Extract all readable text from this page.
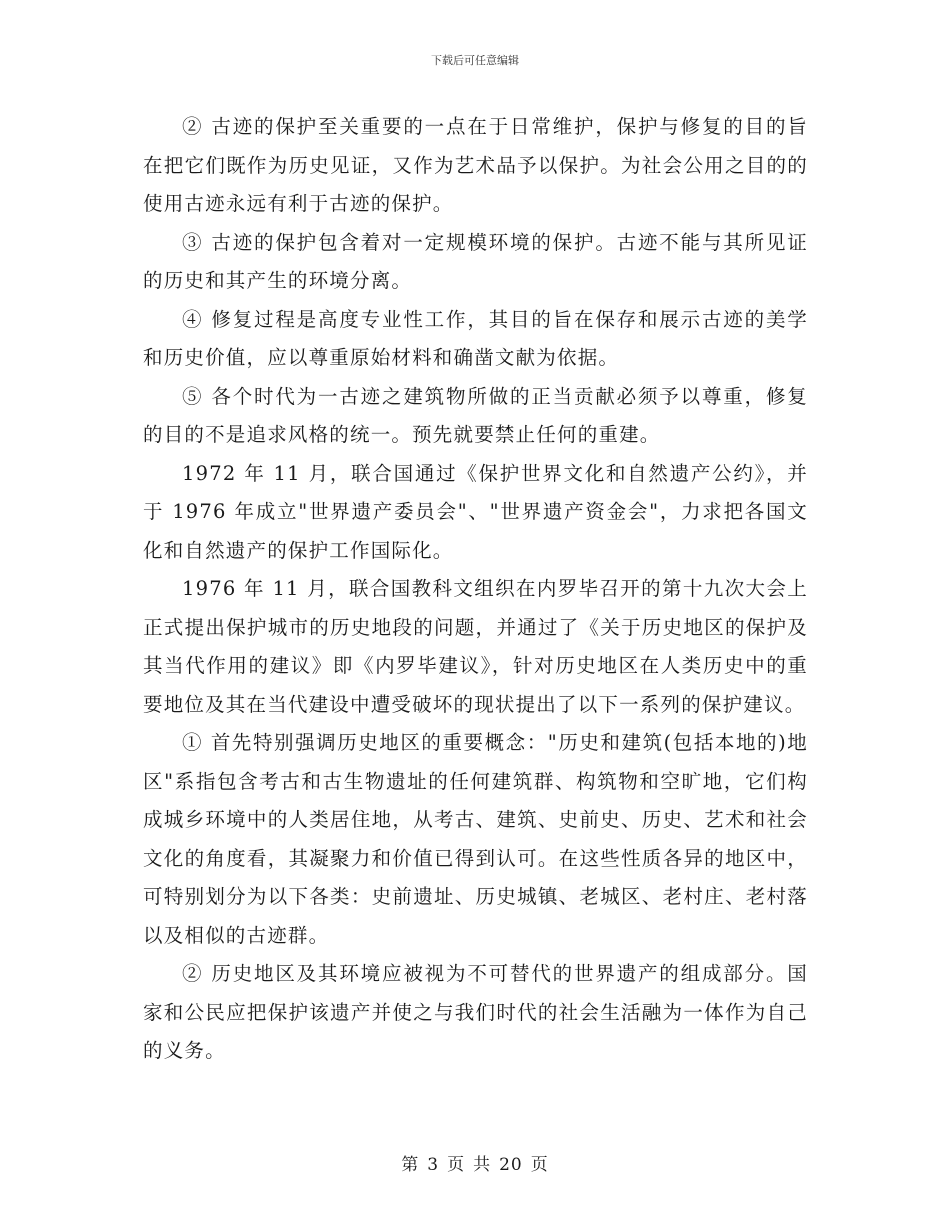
下载后可任意编辑

② 古迹的保护至关重要的一点在于日常维护，保护与修复的目的旨在把它们既作为历史见证，又作为艺术品予以保护。为社会公用之目的的使用古迹永远有利于古迹的保护。

③ 古迹的保护包含着对一定规模环境的保护。古迹不能与其所见证的历史和其产生的环境分离。

④ 修复过程是高度专业性工作，其目的旨在保存和展示古迹的美学和历史价值，应以尊重原始材料和确凿文献为依据。

⑤ 各个时代为一古迹之建筑物所做的正当贡献必须予以尊重，修复的目的不是追求风格的统一。预先就要禁止任何的重建。

1972 年 11 月，联合国通过《保护世界文化和自然遗产公约》，并于 1976 年成立"世界遗产委员会"、"世界遗产资金会"，力求把各国文化和自然遗产的保护工作国际化。

1976 年 11 月，联合国教科文组织在内罗毕召开的第十九次大会上正式提出保护城市的历史地段的问题，并通过了《关于历史地区的保护及其当代作用的建议》即《内罗毕建议》，针对历史地区在人类历史中的重要地位及其在当代建设中遭受破坏的现状提出了以下一系列的保护建议。

① 首先特别强调历史地区的重要概念："历史和建筑(包括本地的)地区"系指包含考古和古生物遗址的任何建筑群、构筑物和空旷地，它们构成城乡环境中的人类居住地，从考古、建筑、史前史、历史、艺术和社会文化的角度看，其凝聚力和价值已得到认可。在这些性质各异的地区中，可特别划分为以下各类：史前遗址、历史城镇、老城区、老村庄、老村落以及相似的古迹群。

② 历史地区及其环境应被视为不可替代的世界遗产的组成部分。国家和公民应把保护该遗产并使之与我们时代的社会生活融为一体作为自己的义务。

第 3 页 共 20 页
